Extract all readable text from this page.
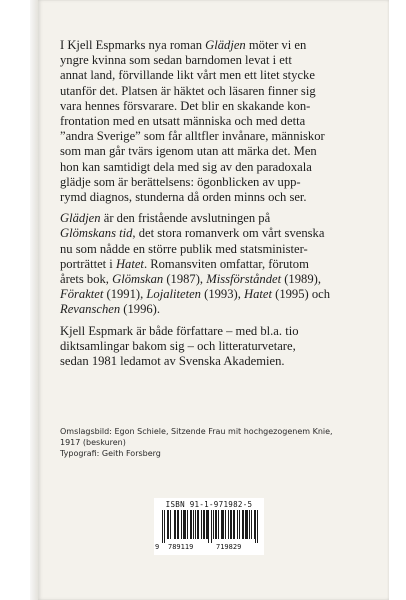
I Kjell Espmarks nya roman Glädjen möter vi en
yngre kvinna som sedan barndomen levat i ett
annat land, förvillande likt vårt men ett litet stycke
utanför det. Platsen är häktet och läsaren finner sig
vara hennes försvarare. Det blir en skakande kon-
frontation med en utsatt människa och med detta
”andra Sverige” som får alltfler invånare, människor
som man går tvärs igenom utan att märka det. Men
hon kan samtidigt dela med sig av den paradoxala
glädje som är berättelsens: ögonblicken av upp-
rymd diagnos, stunderna då orden minns och ser.

Glädjen är den fristående avslutningen på
Glömskans tid, det stora romanverk om vårt svenska
nu som nådde en större publik med statsminister-
porträttet i Hatet. Romansviten omfattar, förutom
årets bok, Glömskan (1987), Missförståndet (1989),
Föraktet (1991), Lojaliteten (1993), Hatet (1995) och
Revanschen (1996).

Kjell Espmark är både författare – med bl.a. tio
diktsamlingar bakom sig – och litteraturvetare,
sedan 1981 ledamot av Svenska Akademien.

Omslagsbild: Egon Schiele, Sitzende Frau mit hochgezogenem Knie,
1917 (beskuren)
Typografi: Geith Forsberg
ISBN 91-1-971982-5
9 789119	719829
